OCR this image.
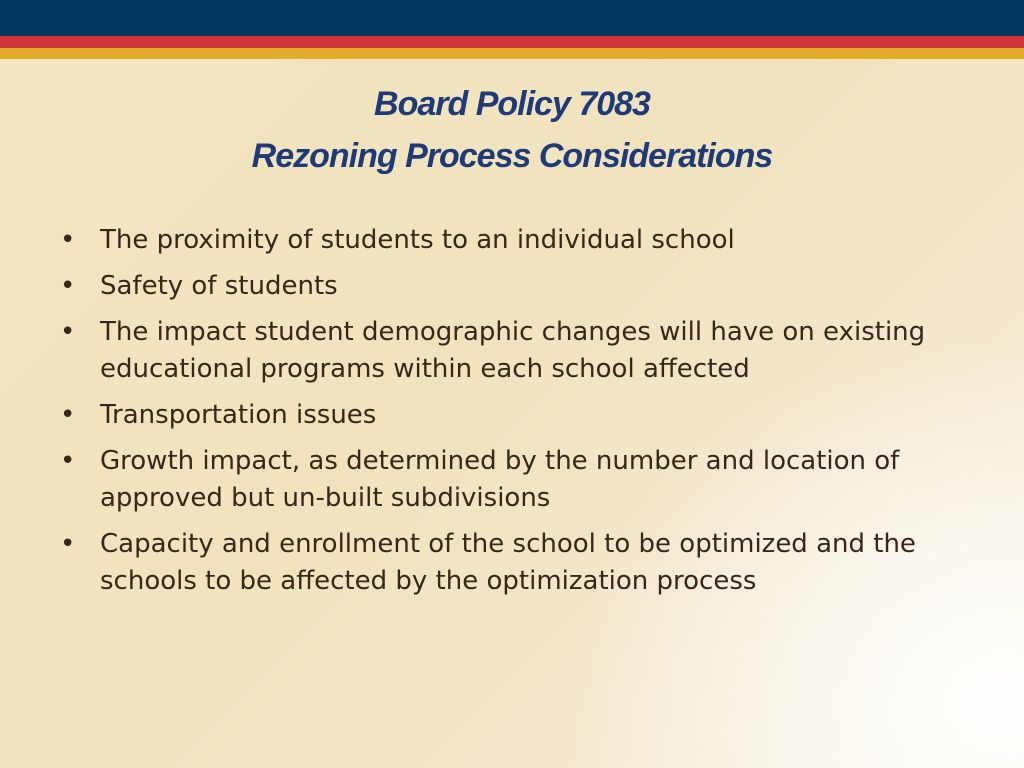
Board Policy 7083
Rezoning Process Considerations
• The proximity of students to an individual school
• Safety of students
• The impact student demographic changes will have on existing educational programs within each school affected
• Transportation issues
• Growth impact, as determined by the number and location of approved but un-built subdivisions
• Capacity and enrollment of the school to be optimized and the schools to be affected by the optimization process
